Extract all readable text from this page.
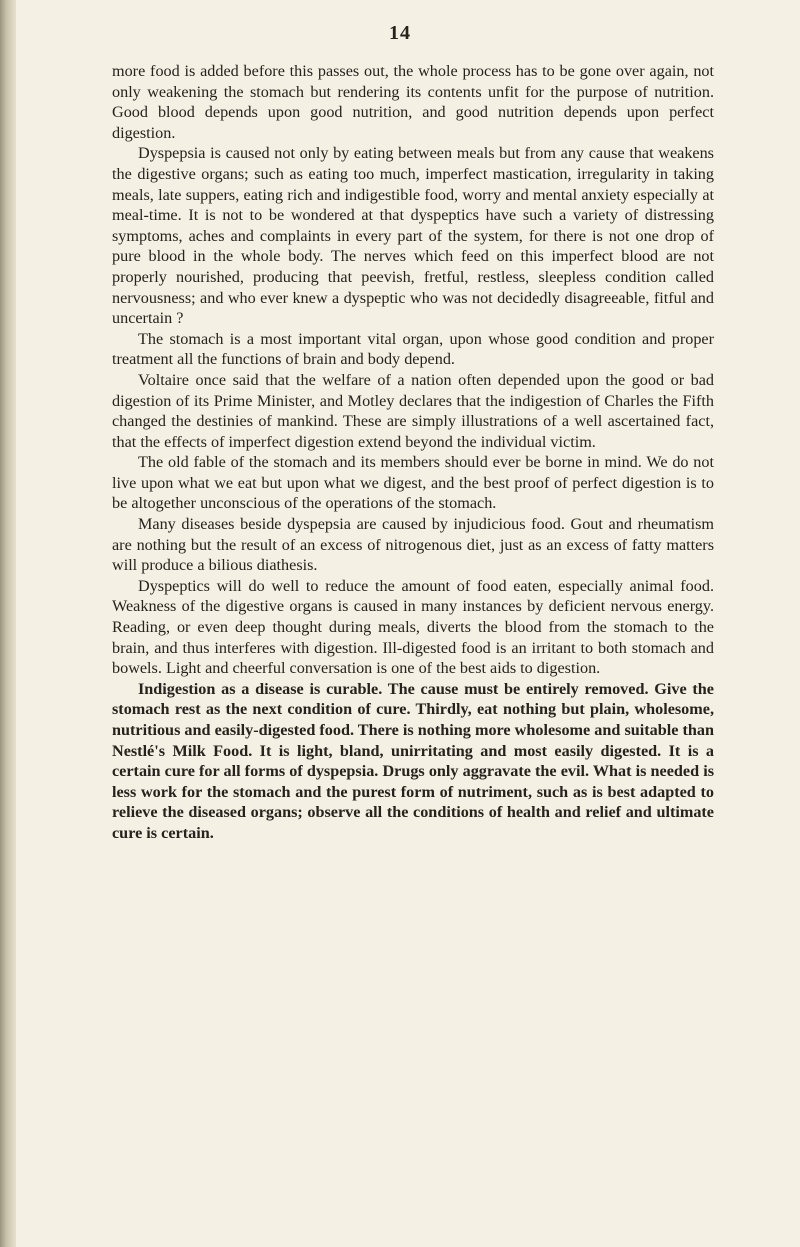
14

more food is added before this passes out, the whole process has to be gone over again, not only weakening the stomach but rendering its contents unfit for the purpose of nutrition. Good blood depends upon good nutrition, and good nutrition depends upon perfect digestion.

Dyspepsia is caused not only by eating between meals but from any cause that weakens the digestive organs; such as eating too much, imperfect mastication, irregularity in taking meals, late suppers, eating rich and indigestible food, worry and mental anxiety especially at meal-time. It is not to be wondered at that dyspeptics have such a variety of distressing symptoms, aches and complaints in every part of the system, for there is not one drop of pure blood in the whole body. The nerves which feed on this imperfect blood are not properly nourished, producing that peevish, fretful, restless, sleepless condition called nervousness; and who ever knew a dyspeptic who was not decidedly disagreeable, fitful and uncertain ?

The stomach is a most important vital organ, upon whose good condition and proper treatment all the functions of brain and body depend.

Voltaire once said that the welfare of a nation often depended upon the good or bad digestion of its Prime Minister, and Motley declares that the indigestion of Charles the Fifth changed the destinies of mankind. These are simply illustrations of a well ascertained fact, that the effects of imperfect digestion extend beyond the individual victim.

The old fable of the stomach and its members should ever be borne in mind. We do not live upon what we eat but upon what we digest, and the best proof of perfect digestion is to be altogether unconscious of the operations of the stomach.

Many diseases beside dyspepsia are caused by injudicious food. Gout and rheumatism are nothing but the result of an excess of nitrogenous diet, just as an excess of fatty matters will produce a bilious diathesis.

Dyspeptics will do well to reduce the amount of food eaten, especially animal food. Weakness of the digestive organs is caused in many instances by deficient nervous energy. Reading, or even deep thought during meals, diverts the blood from the stomach to the brain, and thus interferes with digestion. Ill-digested food is an irritant to both stomach and bowels. Light and cheerful conversation is one of the best aids to digestion.

Indigestion as a disease is curable. The cause must be entirely removed. Give the stomach rest as the next condition of cure. Thirdly, eat nothing but plain, wholesome, nutritious and easily-digested food. There is nothing more wholesome and suitable than Nestlé's Milk Food. It is light, bland, unirritating and most easily digested. It is a certain cure for all forms of dyspepsia. Drugs only aggravate the evil. What is needed is less work for the stomach and the purest form of nutriment, such as is best adapted to relieve the diseased organs; observe all the conditions of health and relief and ultimate cure is certain.
